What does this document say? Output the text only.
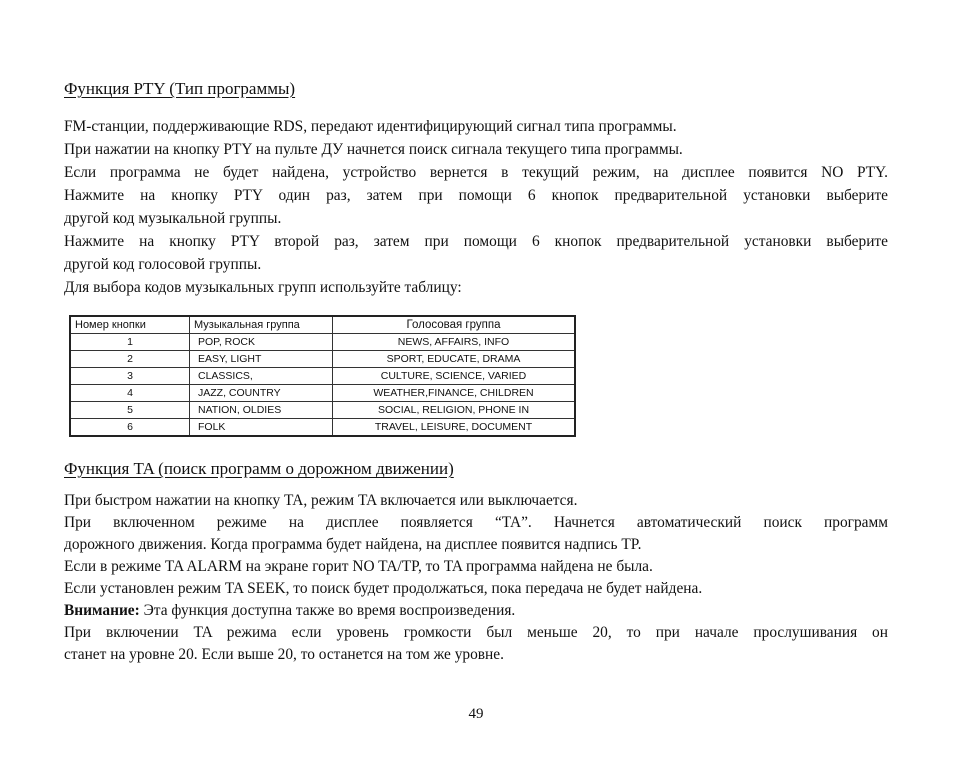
Функция PTY (Тип программы)
FM-станции, поддерживающие RDS, передают идентифицирующий сигнал типа программы.
При нажатии на кнопку PTY на пульте ДУ начнется поиск сигнала текущего типа программы.
Если программа не будет найдена, устройство вернется в текущий режим, на дисплее появится NO PTY.
Нажмите на кнопку PTY один раз, затем при помощи 6 кнопок предварительной установки выберите
другой код музыкальной группы.
Нажмите на кнопку PTY второй раз, затем при помощи 6 кнопок предварительной установки выберите
другой код голосовой группы.
Для выбора кодов музыкальных групп используйте таблицу:
Номер кнопки	Музыкальная группа	Голосовая группа
1	POP, ROCK	NEWS, AFFAIRS, INFO
2	EASY, LIGHT	SPORT, EDUCATE, DRAMA
3	CLASSICS,	CULTURE, SCIENCE, VARIED
4	JAZZ, COUNTRY	WEATHER,FINANCE, CHILDREN
5	NATION, OLDIES	SOCIAL, RELIGION, PHONE IN
6	FOLK	TRAVEL, LEISURE, DOCUMENT
Функция TA (поиск программ о дорожном движении)
При быстром нажатии на кнопку TA, режим TA включается или выключается.
При включенном режиме на дисплее появляется “TA”. Начнется автоматический поиск программ
дорожного движения. Когда программа будет найдена, на дисплее появится надпись TP.
Если в режиме TA ALARM на экране горит NO TA/TP, то TA программа найдена не была.
Если установлен режим TA SEEK, то поиск будет продолжаться, пока передача не будет найдена.
Внимание: Эта функция доступна также во время воспроизведения.
При включении TA режима если уровень громкости был меньше 20, то при начале прослушивания он
станет на уровне 20. Если выше 20, то останется на том же уровне.
49
